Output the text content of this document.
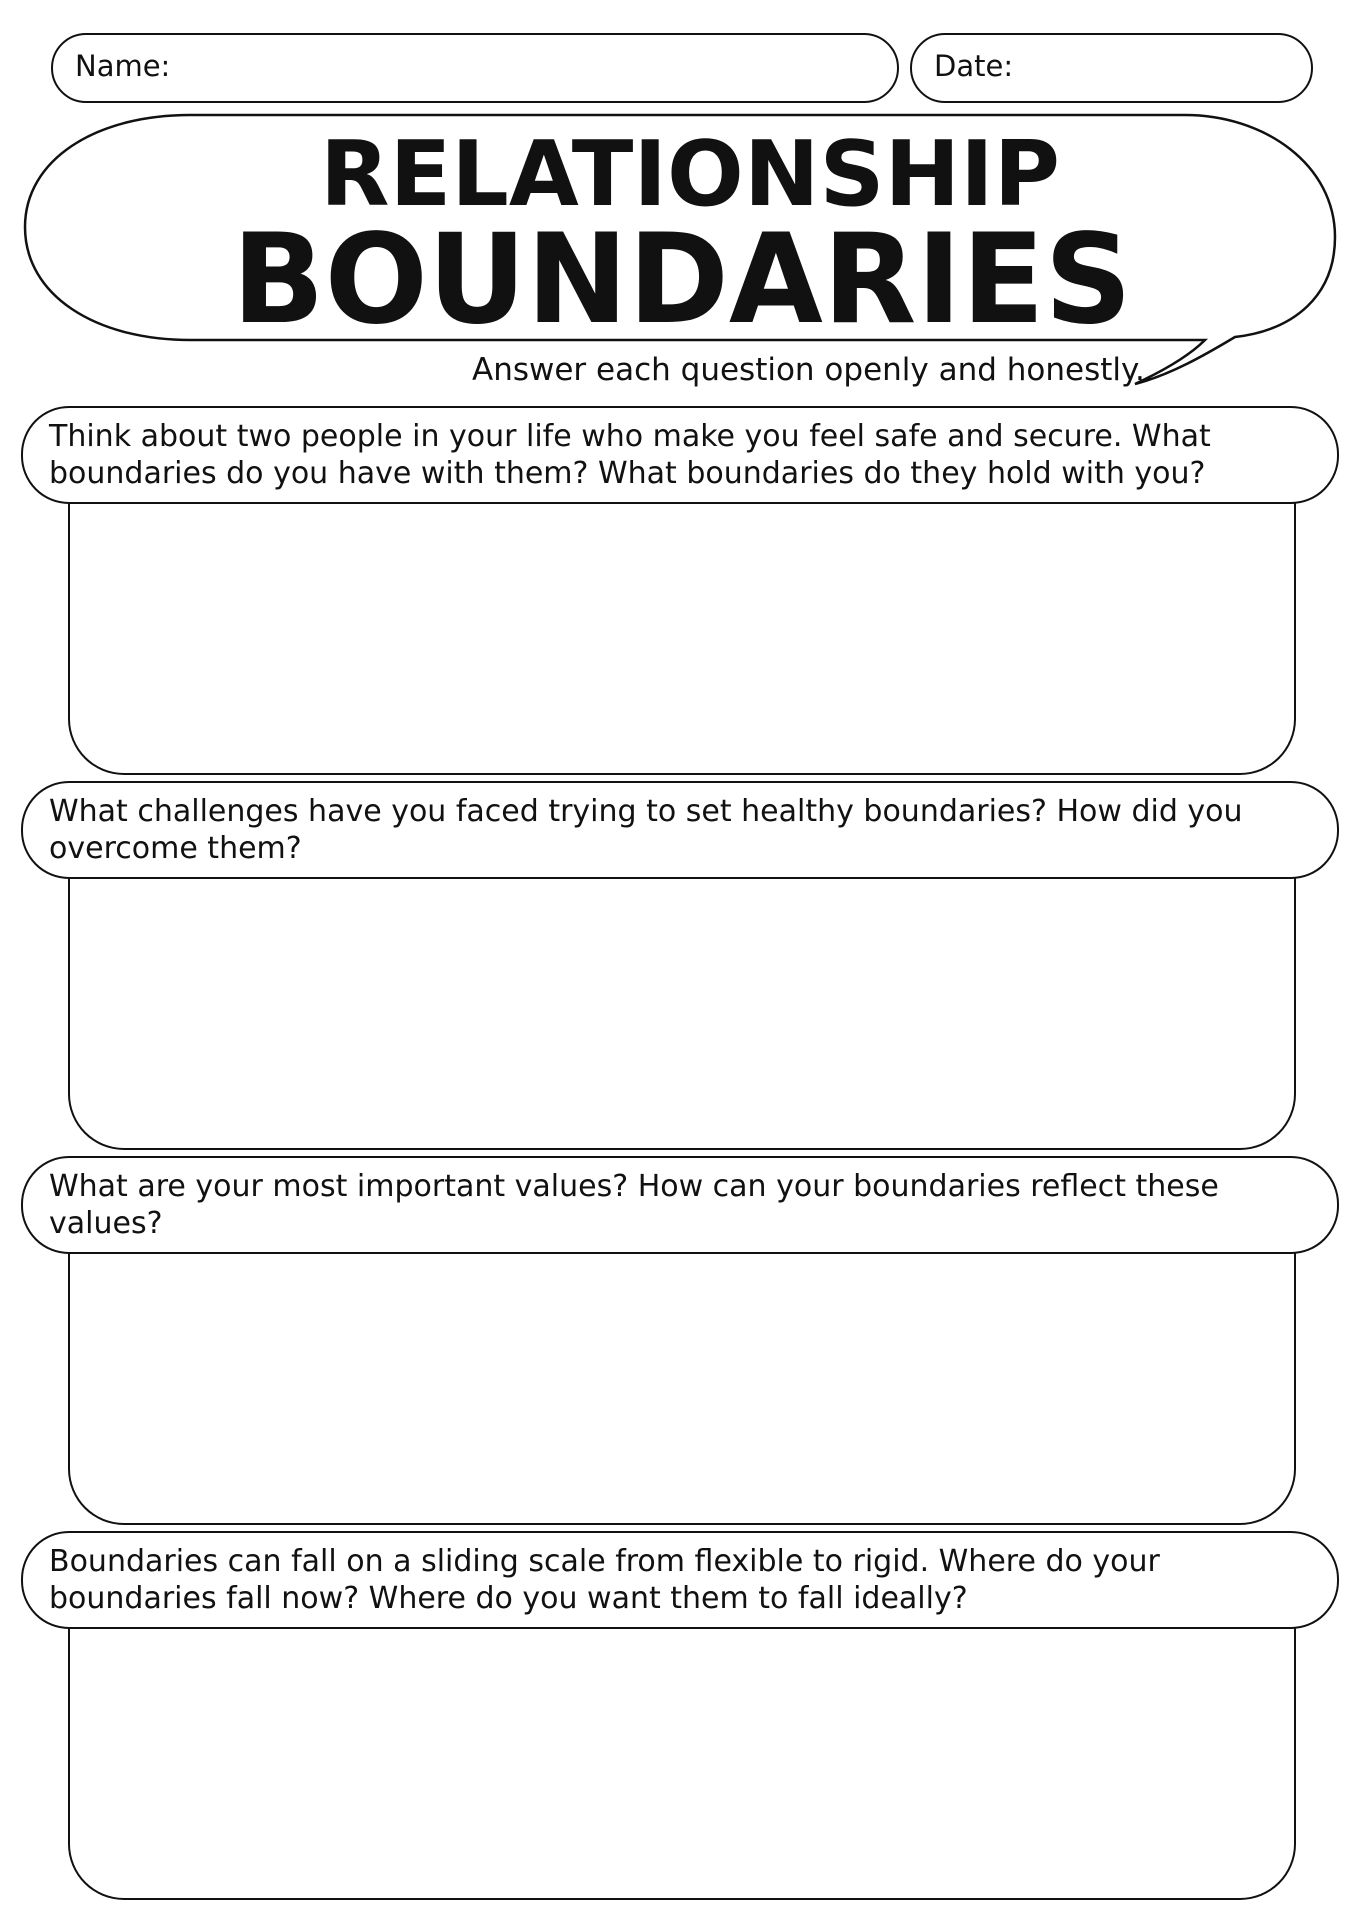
Name:	Date:
RELATIONSHIP
BOUNDARIES
Answer each question openly and honestly.
Think about two people in your life who make you feel safe and secure. What boundaries do you have with them? What boundaries do they hold with you?
What challenges have you faced trying to set healthy boundaries? How did you overcome them?
What are your most important values? How can your boundaries reflect these values?
Boundaries can fall on a sliding scale from flexible to rigid. Where do your boundaries fall now? Where do you want them to fall ideally?
